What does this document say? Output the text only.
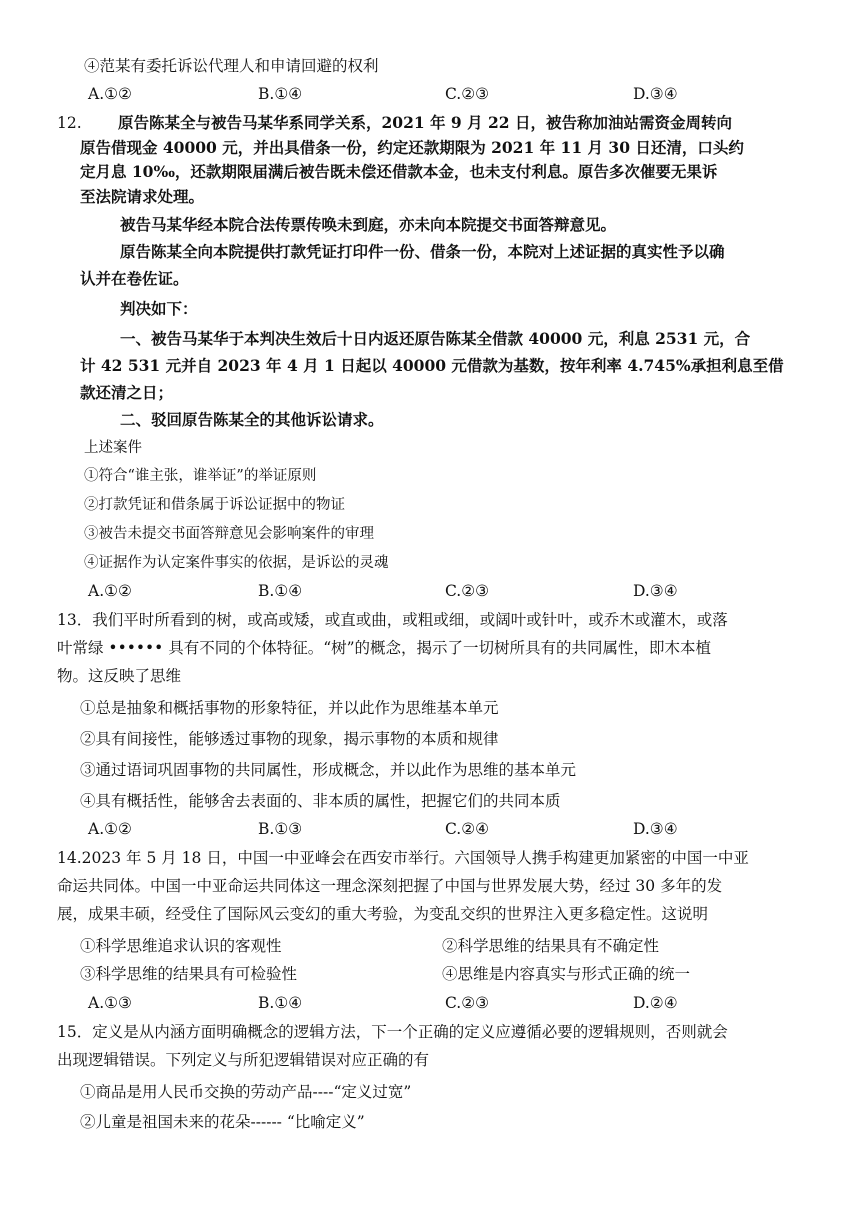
④范某有委托诉讼代理人和申请回避的权利
A.①②	B.①④	C.②③	D.③④
12. 原告陈某全与被告马某华系同学关系，2021 年 9 月 22 日，被告称加油站需资金周转向
原告借现金 40000 元，并出具借条一份，约定还款期限为 2021 年 11 月 30 日还清，口头约
定月息 10‰，还款期限届满后被告既未偿还借款本金，也未支付利息。原告多次催要无果诉
至法院请求处理。
被告马某华经本院合法传票传唤未到庭，亦未向本院提交书面答辩意见。
原告陈某全向本院提供打款凭证打印件一份、借条一份，本院对上述证据的真实性予以确
认并在卷佐证。
判决如下：
一、被告马某华于本判决生效后十日内返还原告陈某全借款 40000 元，利息 2531 元，合
计 42 531 元并自 2023 年 4 月 1 日起以 40000 元借款为基数，按年利率 4.745%承担利息至借
款还清之日；
二、驳回原告陈某全的其他诉讼请求。
上述案件
①符合“谁主张，谁举证”的举证原则
②打款凭证和借条属于诉讼证据中的物证
③被告未提交书面答辩意见会影响案件的审理
④证据作为认定案件事实的依据，是诉讼的灵魂
A.①②	B.①④	C.②③	D.③④
13．我们平时所看到的树，或高或矮，或直或曲，或粗或细，或阔叶或针叶，或乔木或灌木，或落
叶常绿 •••••• 具有不同的个体特征。“树”的概念，揭示了一切树所具有的共同属性，即木本植
物。这反映了思维
①总是抽象和概括事物的形象特征，并以此作为思维基本单元
②具有间接性，能够透过事物的现象，揭示事物的本质和规律
③通过语词巩固事物的共同属性，形成概念，并以此作为思维的基本单元
④具有概括性，能够舍去表面的、非本质的属性，把握它们的共同本质
A.①②	B.①③	C.②④	D.③④
14.2023 年 5 月 18 日，中国一中亚峰会在西安市举行。六国领导人携手构建更加紧密的中国一中亚
命运共同体。中国一中亚命运共同体这一理念深刻把握了中国与世界发展大势，经过 30 多年的发
展，成果丰硕，经受住了国际风云变幻的重大考验，为变乱交织的世界注入更多稳定性。这说明
①科学思维追求认识的客观性	②科学思维的结果具有不确定性
③科学思维的结果具有可检验性	④思维是内容真实与形式正确的统一
A.①③	B.①④	C.②③	D.②④
15．定义是从内涵方面明确概念的逻辑方法，下一个正确的定义应遵循必要的逻辑规则，否则就会
出现逻辑错误。下列定义与所犯逻辑错误对应正确的有
①商品是用人民币交换的劳动产品----“定义过宽”
②儿童是祖国未来的花朵------ “比喻定义”
